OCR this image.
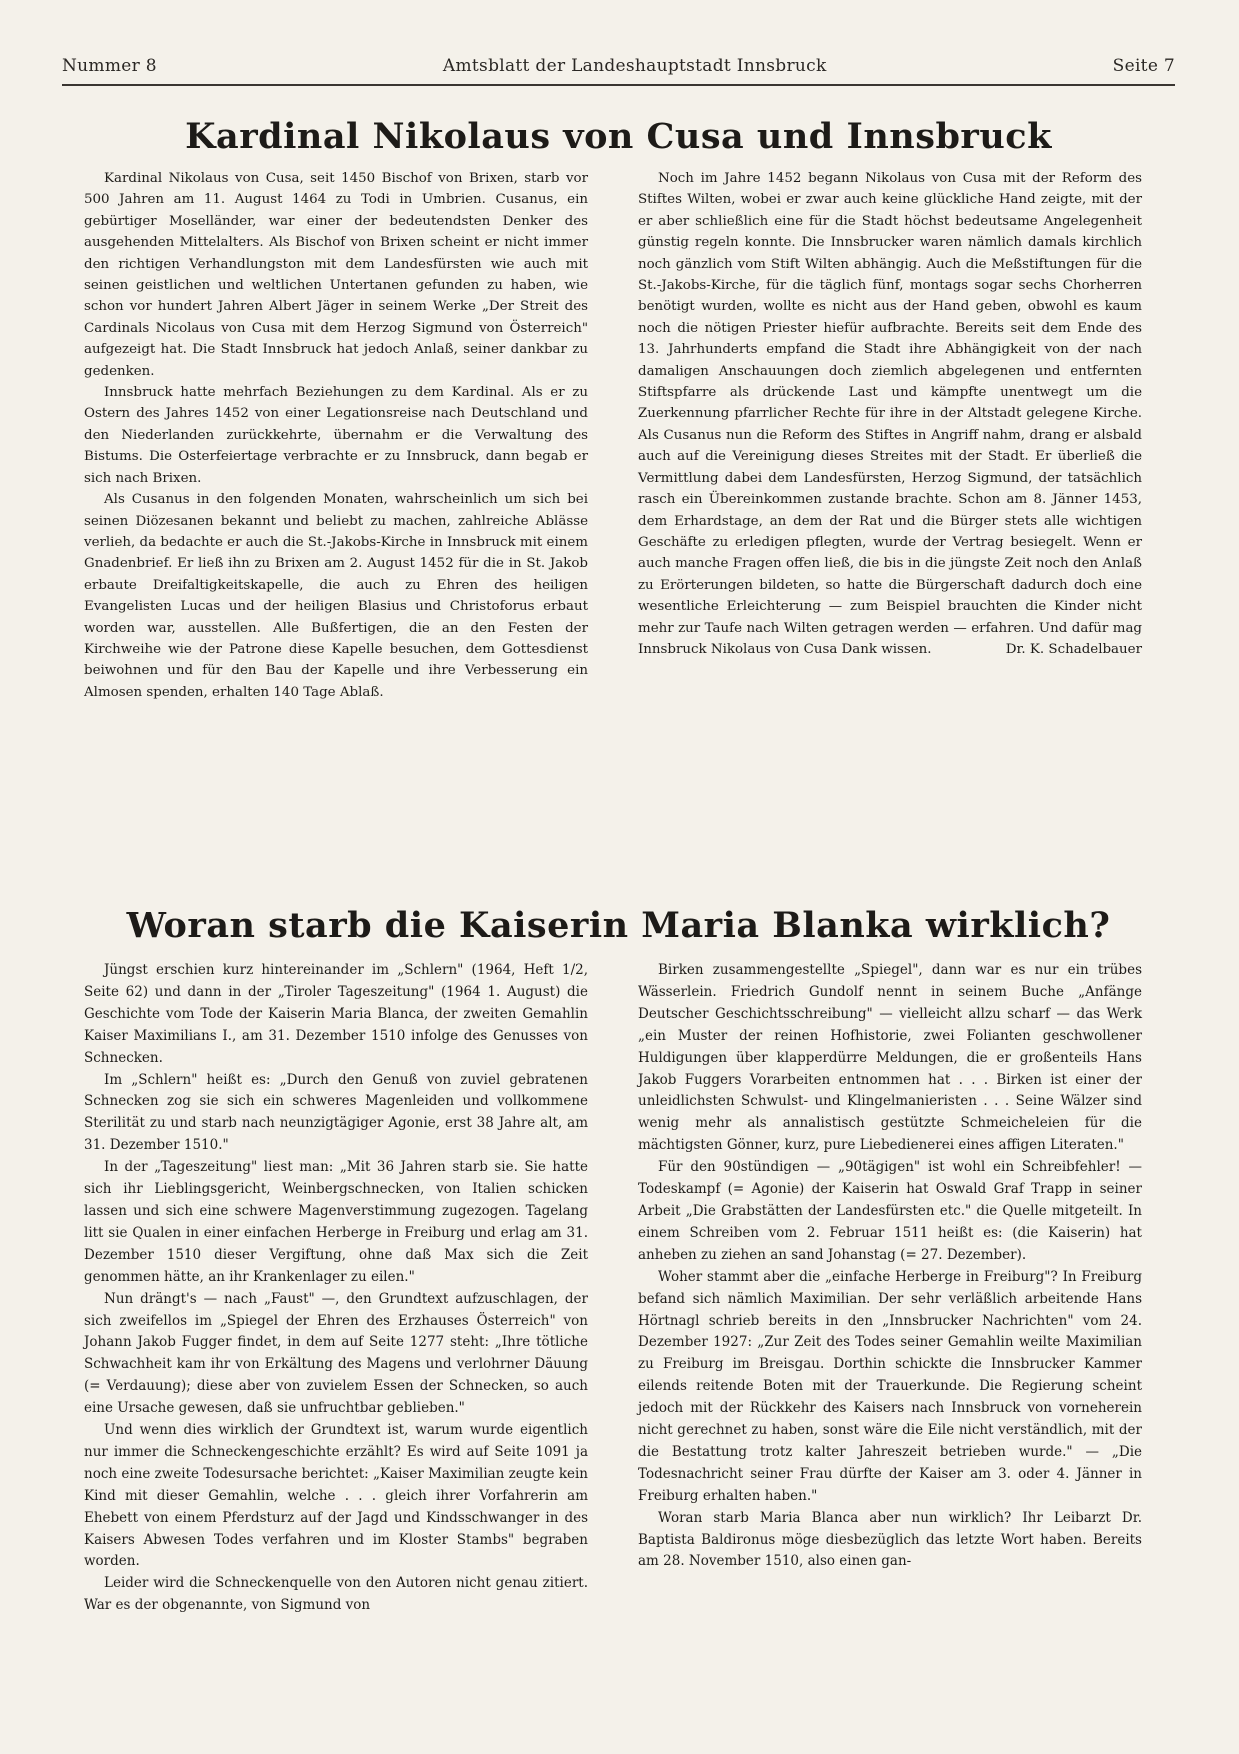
Nummer 8	Amtsblatt der Landeshauptstadt Innsbruck	Seite 7
Kardinal Nikolaus von Cusa und Innsbruck

Kardinal Nikolaus von Cusa, seit 1450 Bischof von Brixen, starb vor 500 Jahren am 11. August 1464 zu Todi in Umbrien. Cusanus, ein gebürtiger Moselländer, war einer der bedeutendsten Denker des ausgehenden Mittelalters. Als Bischof von Brixen scheint er nicht immer den richtigen Verhandlungston mit dem Landesfürsten wie auch mit seinen geistlichen und weltlichen Untertanen gefunden zu haben, wie schon vor hundert Jahren Albert Jäger in seinem Werke „Der Streit des Cardinals Nicolaus von Cusa mit dem Herzog Sigmund von Österreich" aufgezeigt hat. Die Stadt Innsbruck hat jedoch Anlaß, seiner dankbar zu gedenken.

Innsbruck hatte mehrfach Beziehungen zu dem Kardinal. Als er zu Ostern des Jahres 1452 von einer Legationsreise nach Deutschland und den Niederlanden zurückkehrte, übernahm er die Verwaltung des Bistums. Die Osterfeiertage verbrachte er zu Innsbruck, dann begab er sich nach Brixen.

Als Cusanus in den folgenden Monaten, wahrscheinlich um sich bei seinen Diözesanen bekannt und beliebt zu machen, zahlreiche Ablässe verlieh, da bedachte er auch die St.-Jakobs-Kirche in Innsbruck mit einem Gnadenbrief. Er ließ ihn zu Brixen am 2. August 1452 für die in St. Jakob erbaute Dreifaltigkeitskapelle, die auch zu Ehren des heiligen Evangelisten Lucas und der heiligen Blasius und Christoforus erbaut worden war, ausstellen. Alle Bußfertigen, die an den Festen der Kirchweihe wie der Patrone diese Kapelle besuchen, dem Gottesdienst beiwohnen und für den Bau der Kapelle und ihre Verbesserung ein Almosen spenden, erhalten 140 Tage Ablaß.

Noch im Jahre 1452 begann Nikolaus von Cusa mit der Reform des Stiftes Wilten, wobei er zwar auch keine glückliche Hand zeigte, mit der er aber schließlich eine für die Stadt höchst bedeutsame Angelegenheit günstig regeln konnte. Die Innsbrucker waren nämlich damals kirchlich noch gänzlich vom Stift Wilten abhängig. Auch die Meßstiftungen für die St.-Jakobs-Kirche, für die täglich fünf, montags sogar sechs Chorherren benötigt wurden, wollte es nicht aus der Hand geben, obwohl es kaum noch die nötigen Priester hiefür aufbrachte. Bereits seit dem Ende des 13. Jahrhunderts empfand die Stadt ihre Abhängigkeit von der nach damaligen Anschauungen doch ziemlich abgelegenen und entfernten Stiftspfarre als drückende Last und kämpfte unentwegt um die Zuerkennung pfarrlicher Rechte für ihre in der Altstadt gelegene Kirche. Als Cusanus nun die Reform des Stiftes in Angriff nahm, drang er alsbald auch auf die Vereinigung dieses Streites mit der Stadt. Er überließ die Vermittlung dabei dem Landesfürsten, Herzog Sigmund, der tatsächlich rasch ein Übereinkommen zustande brachte. Schon am 8. Jänner 1453, dem Erhardstage, an dem der Rat und die Bürger stets alle wichtigen Geschäfte zu erledigen pflegten, wurde der Vertrag besiegelt. Wenn er auch manche Fragen offen ließ, die bis in die jüngste Zeit noch den Anlaß zu Erörterungen bildeten, so hatte die Bürgerschaft dadurch doch eine wesentliche Erleichterung — zum Beispiel brauchten die Kinder nicht mehr zur Taufe nach Wilten getragen werden — erfahren. Und dafür mag Innsbruck Nikolaus von Cusa Dank wissen.	Dr. K. Schadelbauer
Woran starb die Kaiserin Maria Blanka wirklich?

Jüngst erschien kurz hintereinander im „Schlern" (1964, Heft 1/2, Seite 62) und dann in der „Tiroler Tageszeitung" (1964 1. August) die Geschichte vom Tode der Kaiserin Maria Blanca, der zweiten Gemahlin Kaiser Maximilians I., am 31. Dezember 1510 infolge des Genusses von Schnecken.

Im „Schlern" heißt es: „Durch den Genuß von zuviel gebratenen Schnecken zog sie sich ein schweres Magenleiden und vollkommene Sterilität zu und starb nach neunzigtägiger Agonie, erst 38 Jahre alt, am 31. Dezember 1510."

In der „Tageszeitung" liest man: „Mit 36 Jahren starb sie. Sie hatte sich ihr Lieblingsgericht, Weinbergschnecken, von Italien schicken lassen und sich eine schwere Magenverstimmung zugezogen. Tagelang litt sie Qualen in einer einfachen Herberge in Freiburg und erlag am 31. Dezember 1510 dieser Vergiftung, ohne daß Max sich die Zeit genommen hätte, an ihr Krankenlager zu eilen."

Nun drängt's — nach „Faust" —, den Grundtext aufzuschlagen, der sich zweifellos im „Spiegel der Ehren des Erzhauses Österreich" von Johann Jakob Fugger findet, in dem auf Seite 1277 steht: „Ihre tötliche Schwachheit kam ihr von Erkältung des Magens und verlohrner Däuung (= Verdauung); diese aber von zuvielem Essen der Schnecken, so auch eine Ursache gewesen, daß sie unfruchtbar geblieben."

Und wenn dies wirklich der Grundtext ist, warum wurde eigentlich nur immer die Schneckengeschichte erzählt? Es wird auf Seite 1091 ja noch eine zweite Todesursache berichtet: „Kaiser Maximilian zeugte kein Kind mit dieser Gemahlin, welche . . . gleich ihrer Vorfahrerin am Ehebett von einem Pferdsturz auf der Jagd und Kindsschwanger in des Kaisers Abwesen Todes verfahren und im Kloster Stambs" begraben worden.

Leider wird die Schneckenquelle von den Autoren nicht genau zitiert. War es der obgenannte, von Sigmund von

Birken zusammengestellte „Spiegel", dann war es nur ein trübes Wässerlein. Friedrich Gundolf nennt in seinem Buche „Anfänge Deutscher Geschichtsschreibung" — vielleicht allzu scharf — das Werk „ein Muster der reinen Hofhistorie, zwei Folianten geschwollener Huldigungen über klapperdürre Meldungen, die er großenteils Hans Jakob Fuggers Vorarbeiten entnommen hat . . . Birken ist einer der unleidlichsten Schwulst- und Klingelmanieristen . . . Seine Wälzer sind wenig mehr als annalistisch gestützte Schmeicheleien für die mächtigsten Gönner, kurz, pure Liebedienerei eines affigen Literaten."

Für den 90stündigen — „90tägigen" ist wohl ein Schreibfehler! — Todeskampf (= Agonie) der Kaiserin hat Oswald Graf Trapp in seiner Arbeit „Die Grabstätten der Landesfürsten etc." die Quelle mitgeteilt. In einem Schreiben vom 2. Februar 1511 heißt es: (die Kaiserin) hat anheben zu ziehen an sand Johanstag (= 27. Dezember).

Woher stammt aber die „einfache Herberge in Freiburg"? In Freiburg befand sich nämlich Maximilian. Der sehr verläßlich arbeitende Hans Hörtnagl schrieb bereits in den „Innsbrucker Nachrichten" vom 24. Dezember 1927: „Zur Zeit des Todes seiner Gemahlin weilte Maximilian zu Freiburg im Breisgau. Dorthin schickte die Innsbrucker Kammer eilends reitende Boten mit der Trauerkunde. Die Regierung scheint jedoch mit der Rückkehr des Kaisers nach Innsbruck von vorneherein nicht gerechnet zu haben, sonst wäre die Eile nicht verständlich, mit der die Bestattung trotz kalter Jahreszeit betrieben wurde." — „Die Todesnachricht seiner Frau dürfte der Kaiser am 3. oder 4. Jänner in Freiburg erhalten haben."

Woran starb Maria Blanca aber nun wirklich? Ihr Leibarzt Dr. Baptista Baldironus möge diesbezüglich das letzte Wort haben. Bereits am 28. November 1510, also einen gan-
